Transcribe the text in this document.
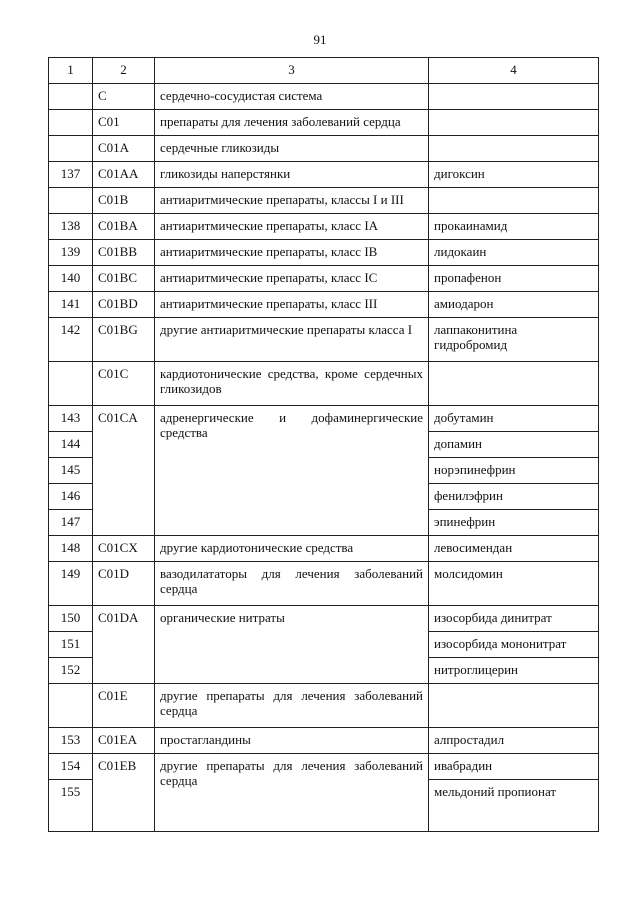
91
1	2	3	4
	C	сердечно-сосудистая система	
	C01	препараты для лечения заболеваний сердца	
	C01A	сердечные гликозиды	
137	C01AA	гликозиды наперстянки	дигоксин
	C01B	антиаритмические препараты, классы I и III	
138	C01BA	антиаритмические препараты, класс IA	прокаинамид
139	C01BB	антиаритмические препараты, класс IB	лидокаин
140	C01BC	антиаритмические препараты, класс IC	пропафенон
141	C01BD	антиаритмические препараты, класс III	амиодарон
142	C01BG	другие антиаритмические препараты класса I	лаппаконитина гидробромид
	C01C	кардиотонические средства, кроме сердечных гликозидов	
143	C01CA	адренергические и дофаминергические средства	добутамин
144			допамин
145			норэпинефрин
146			фенилэфрин
147			эпинефрин
148	C01CX	другие кардиотонические средства	левосимендан
149	C01D	вазодилататоры для лечения заболеваний сердца	молсидомин
150	C01DA	органические нитраты	изосорбида динитрат
151			изосорбида мононитрат
152			нитроглицерин
	C01E	другие препараты для лечения заболеваний сердца	
153	C01EA	простагландины	алпростадил
154	C01EB	другие препараты для лечения заболеваний сердца	ивабрадин
155			мельдоний пропионат
